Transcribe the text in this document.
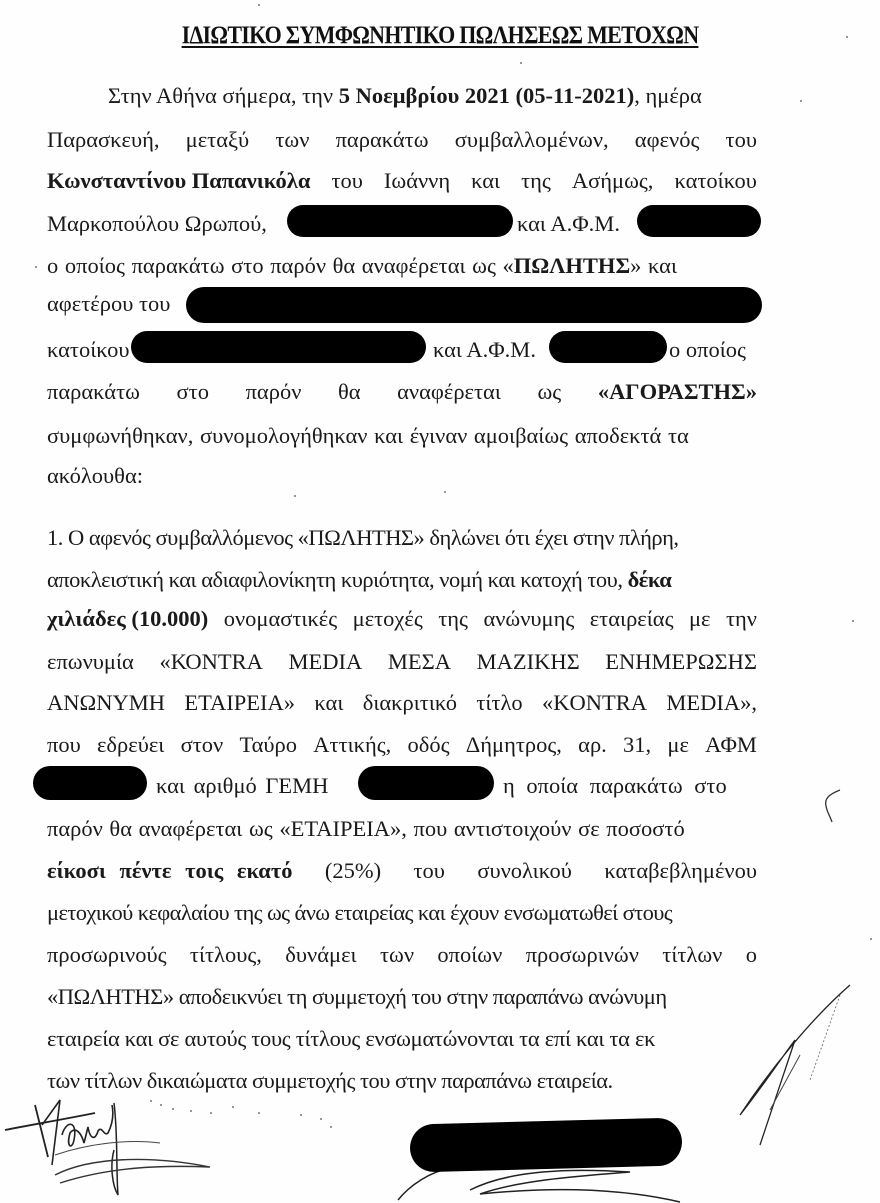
ΙΔΙΩΤΙΚΟ ΣΥΜΦΩΝΗΤΙΚΟ ΠΩΛΗΣΕΩΣ ΜΕΤΟΧΩΝ
Στην Αθήνα σήμερα, την 5 Νοεμβρίου 2021 (05-11-2021), ημέρα
Παρασκευή, μεταξύ των παρακάτω συμβαλλομένων, αφενός του
Κωνσταντίνου Παπανικόλα του Ιωάννη και της Ασήμως, κατοίκου
Μαρκοπούλου Ωρωπού,	και Α.Φ.Μ.
ο οποίος παρακάτω στο παρόν θα αναφέρεται ως «ΠΩΛΗΤΗΣ» και
αφετέρου του
κατοίκου	και Α.Φ.Μ.	ο οποίος
παρακάτω στο παρόν θα αναφέρεται ως «ΑΓΟΡΑΣΤΗΣ»
συμφωνήθηκαν, συνομολογήθηκαν και έγιναν αμοιβαίως αποδεκτά τα
ακόλουθα:
1. Ο αφενός συμβαλλόμενος «ΠΩΛΗΤΗΣ» δηλώνει ότι έχει στην πλήρη,
αποκλειστική και αδιαφιλονίκητη κυριότητα, νομή και κατοχή του, δέκα
χιλιάδες (10.000) ονομαστικές μετοχές της ανώνυμης εταιρείας με την
επωνυμία «ΚΟΝΤRΑ MEDIA ΜΕΣΑ ΜΑΖΙΚΗΣ ΕΝΗΜΕΡΩΣΗΣ
ΑΝΩΝΥΜΗ ΕΤΑΙΡΕΙΑ» και διακριτικό τίτλο «KONTRA MEDIA»,
που εδρεύει στον Ταύρο Αττικής, οδός Δήμητρος, αρ. 31, με ΑΦΜ
και αριθμό ΓΕΜΗ	η οποία παρακάτω στο
παρόν θα αναφέρεται ως «ΕΤΑΙΡΕΙΑ», που αντιστοιχούν σε ποσοστό
είκοσι πέντε τοις εκατό (25%) του συνολικού καταβεβλημένου
μετοχικού κεφαλαίου της ως άνω εταιρείας και έχουν ενσωματωθεί στους
προσωρινούς τίτλους, δυνάμει των οποίων προσωρινών τίτλων ο
«ΠΩΛΗΤΗΣ» αποδεικνύει τη συμμετοχή του στην παραπάνω ανώνυμη
εταιρεία και σε αυτούς τους τίτλους ενσωματώνονται τα επί και τα εκ
των τίτλων δικαιώματα συμμετοχής του στην παραπάνω εταιρεία.
